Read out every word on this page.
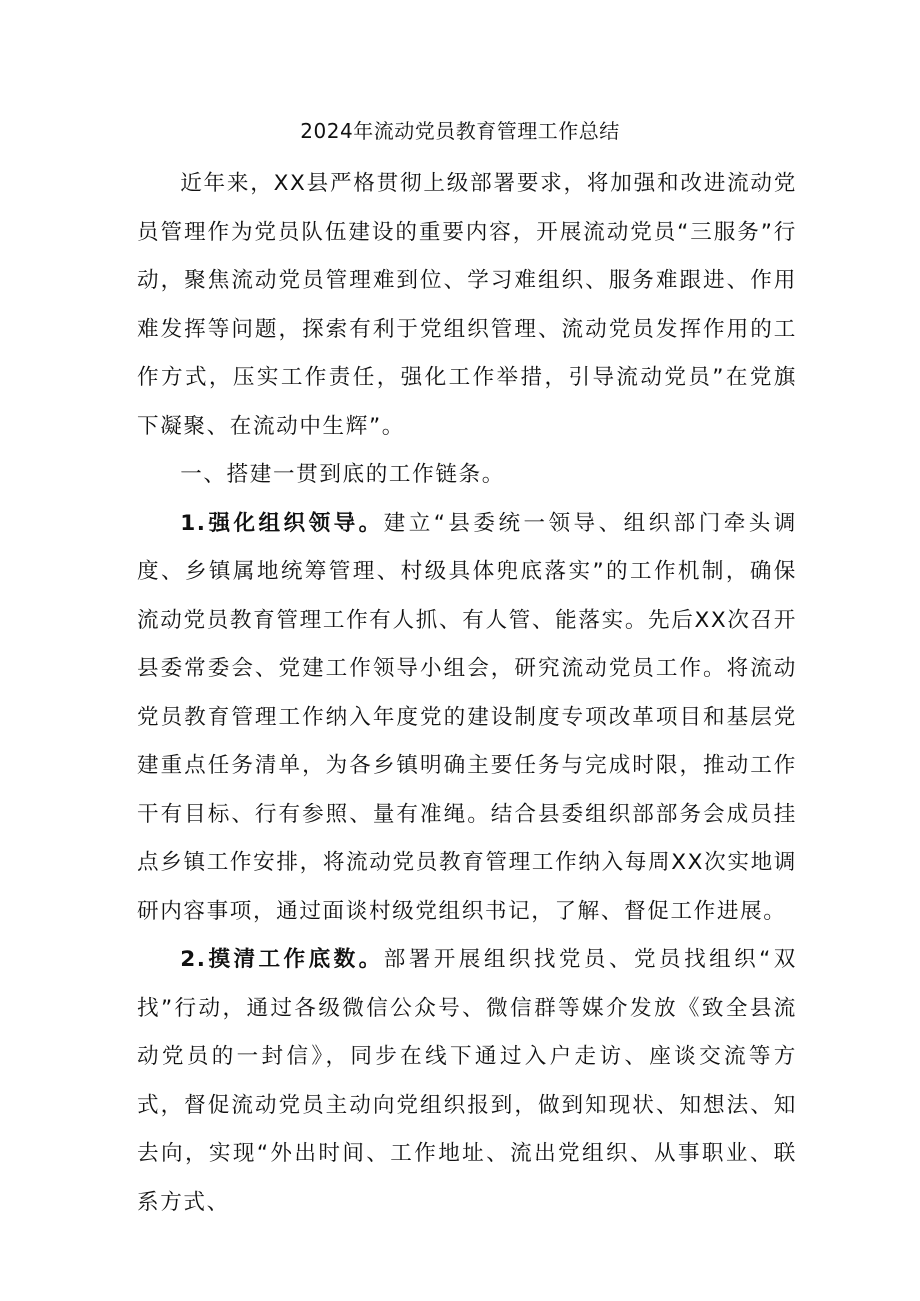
2024年流动党员教育管理工作总结

近年来，XX县严格贯彻上级部署要求，将加强和改进流动党员管理作为党员队伍建设的重要内容，开展流动党员“三服务”行动，聚焦流动党员管理难到位、学习难组织、服务难跟进、作用难发挥等问题，探索有利于党组织管理、流动党员发挥作用的工作方式，压实工作责任，强化工作举措，引导流动党员”在党旗下凝聚、在流动中生辉”。

一、搭建一贯到底的工作链条。

1.强化组织领导。建立“县委统一领导、组织部门牵头调度、乡镇属地统筹管理、村级具体兜底落实”的工作机制，确保流动党员教育管理工作有人抓、有人管、能落实。先后XX次召开县委常委会、党建工作领导小组会，研究流动党员工作。将流动党员教育管理工作纳入年度党的建设制度专项改革项目和基层党建重点任务清单，为各乡镇明确主要任务与完成时限，推动工作干有目标、行有参照、量有准绳。结合县委组织部部务会成员挂点乡镇工作安排，将流动党员教育管理工作纳入每周XX次实地调研内容事项，通过面谈村级党组织书记，了解、督促工作进展。

2.摸清工作底数。部署开展组织找党员、党员找组织“双找”行动，通过各级微信公众号、微信群等媒介发放《致全县流动党员的一封信》，同步在线下通过入户走访、座谈交流等方式，督促流动党员主动向党组织报到，做到知现状、知想法、知去向，实现“外出时间、工作地址、流出党组织、从事职业、联系方式、
